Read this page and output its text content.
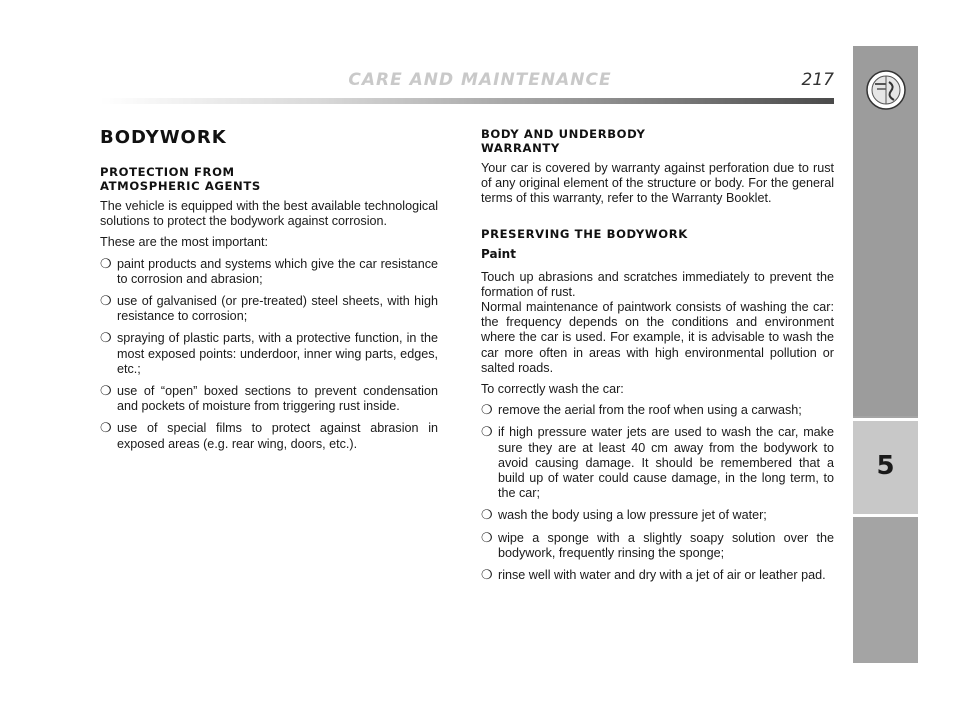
CARE AND MAINTENANCE	217
5
BODYWORK
PROTECTION FROM
ATMOSPHERIC AGENTS

The vehicle is equipped with the best available technological solutions to protect the bodywork against corrosion.

These are the most important:

❍ paint products and systems which give the car resistance to corrosion and abrasion;
❍ use of galvanised (or pre-treated) steel sheets, with high resistance to corrosion;
❍ spraying of plastic parts, with a protective function, in the most exposed points: underdoor, inner wing parts, edges, etc.;
❍ use of “open” boxed sections to prevent condensation and pockets of moisture from triggering rust inside.
❍ use of special films to protect against abrasion in exposed areas (e.g. rear wing, doors, etc.).
BODY AND UNDERBODY
WARRANTY

Your car is covered by warranty against perforation due to rust of any original element of the structure or body. For the general terms of this warranty, refer to the Warranty Booklet.

PRESERVING THE BODYWORK
Paint

Touch up abrasions and scratches immediately to prevent the formation of rust.

Normal maintenance of paintwork consists of washing the car: the frequency depends on the conditions and environment where the car is used. For example, it is advisable to wash the car more often in areas with high environmental pollution or salted roads.

To correctly wash the car:

❍ remove the aerial from the roof when using a carwash;
❍ if high pressure water jets are used to wash the car, make sure they are at least 40 cm away from the bodywork to avoid causing damage. It should be remembered that a build up of water could cause damage, in the long term, to the car;
❍ wash the body using a low pressure jet of water;
❍ wipe a sponge with a slightly soapy solution over the bodywork, frequently rinsing the sponge;
❍ rinse well with water and dry with a jet of air or leather pad.
